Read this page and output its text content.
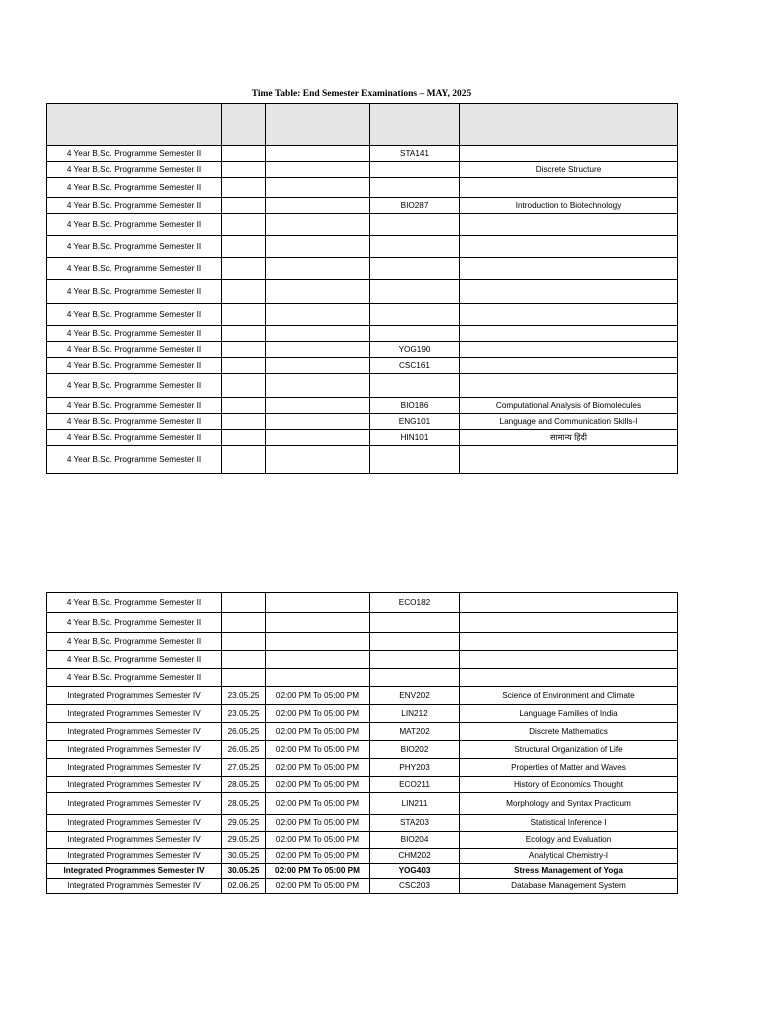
Time Table: End Semester Examinations – MAY, 2025

4 Year B.Sc. Programme Semester II			STA141	
4 Year B.Sc. Programme Semester II				Discrete Structure
4 Year B.Sc. Programme Semester II				
4 Year B.Sc. Programme Semester II			BIO287	Introduction to Biotechnology
4 Year B.Sc. Programme Semester II				
4 Year B.Sc. Programme Semester II				
4 Year B.Sc. Programme Semester II				
4 Year B.Sc. Programme Semester II				
4 Year B.Sc. Programme Semester II				
4 Year B.Sc. Programme Semester II				
4 Year B.Sc. Programme Semester II			YOG190	
4 Year B.Sc. Programme Semester II			CSC161	
4 Year B.Sc. Programme Semester II				
4 Year B.Sc. Programme Semester II			BIO186	Computational Analysis of Biomolecules
4 Year B.Sc. Programme Semester II			ENG101	Language and Communication Skills-I
4 Year B.Sc. Programme Semester II			HIN101	सामान्य हिंदी
4 Year B.Sc. Programme Semester II				
4 Year B.Sc. Programme Semester II			ECO182	
4 Year B.Sc. Programme Semester II				
4 Year B.Sc. Programme Semester II				
4 Year B.Sc. Programme Semester II				
4 Year B.Sc. Programme Semester II				
Integrated Programmes Semester IV	23.05.25	02:00 PM To 05:00 PM	ENV202	Science of Environment and Climate
Integrated Programmes Semester IV	23.05.25	02:00 PM To 05:00 PM	LIN212	Language Families of India
Integrated Programmes Semester IV	26.05.25	02:00 PM To 05:00 PM	MAT202	Discrete Mathematics
Integrated Programmes Semester IV	26.05.25	02:00 PM To 05:00 PM	BIO202	Structural Organization of Life
Integrated Programmes Semester IV	27.05.25	02:00 PM To 05:00 PM	PHY203	Properties of Matter and Waves
Integrated Programmes Semester IV	28.05.25	02:00 PM To 05:00 PM	ECO211	History of Economics Thought
Integrated Programmes Semester IV	28.05.25	02:00 PM To 05:00 PM	LIN211	Morphology and Syntax Practicum
Integrated Programmes Semester IV	29.05.25	02:00 PM To 05:00 PM	STA203	Statistical Inference I
Integrated Programmes Semester IV	29.05.25	02:00 PM To 05:00 PM	BIO204	Ecology and Evaluation
Integrated Programmes Semester IV	30.05.25	02:00 PM To 05:00 PM	CHM202	Analytical Chemistry-I
Integrated Programmes Semester IV	30.05.25	02:00 PM To 05:00 PM	YOG403	Stress Management of Yoga
Integrated Programmes Semester IV	02.06.25	02:00 PM To 05:00 PM	CSC203	Database Management System
